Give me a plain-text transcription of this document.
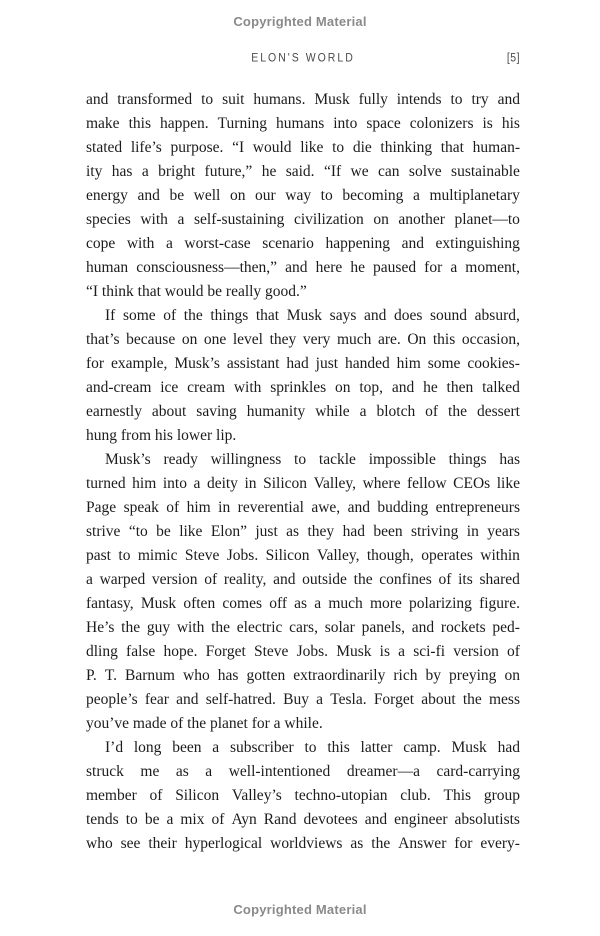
Copyrighted Material
ELON'S WORLD	[5]
and transformed to suit humans. Musk fully intends to try and
make this happen. Turning humans into space colonizers is his
stated life’s purpose. “I would like to die thinking that human-
ity has a bright future,” he said. “If we can solve sustainable
energy and be well on our way to becoming a multiplanetary
species with a self-sustaining civilization on another planet—to
cope with a worst-case scenario happening and extinguishing
human consciousness—then,” and here he paused for a moment,
“I think that would be really good.”
If some of the things that Musk says and does sound absurd,
that’s because on one level they very much are. On this occasion,
for example, Musk’s assistant had just handed him some cookies-
and-cream ice cream with sprinkles on top, and he then talked
earnestly about saving humanity while a blotch of the dessert
hung from his lower lip.
Musk’s ready willingness to tackle impossible things has
turned him into a deity in Silicon Valley, where fellow CEOs like
Page speak of him in reverential awe, and budding entrepreneurs
strive “to be like Elon” just as they had been striving in years
past to mimic Steve Jobs. Silicon Valley, though, operates within
a warped version of reality, and outside the confines of its shared
fantasy, Musk often comes off as a much more polarizing figure.
He’s the guy with the electric cars, solar panels, and rockets ped-
dling false hope. Forget Steve Jobs. Musk is a sci-fi version of
P. T. Barnum who has gotten extraordinarily rich by preying on
people’s fear and self-hatred. Buy a Tesla. Forget about the mess
you’ve made of the planet for a while.
I’d long been a subscriber to this latter camp. Musk had
struck me as a well-intentioned dreamer—a card-carrying
member of Silicon Valley’s techno-utopian club. This group
tends to be a mix of Ayn Rand devotees and engineer absolutists
who see their hyperlogical worldviews as the Answer for every-
Copyrighted Material
